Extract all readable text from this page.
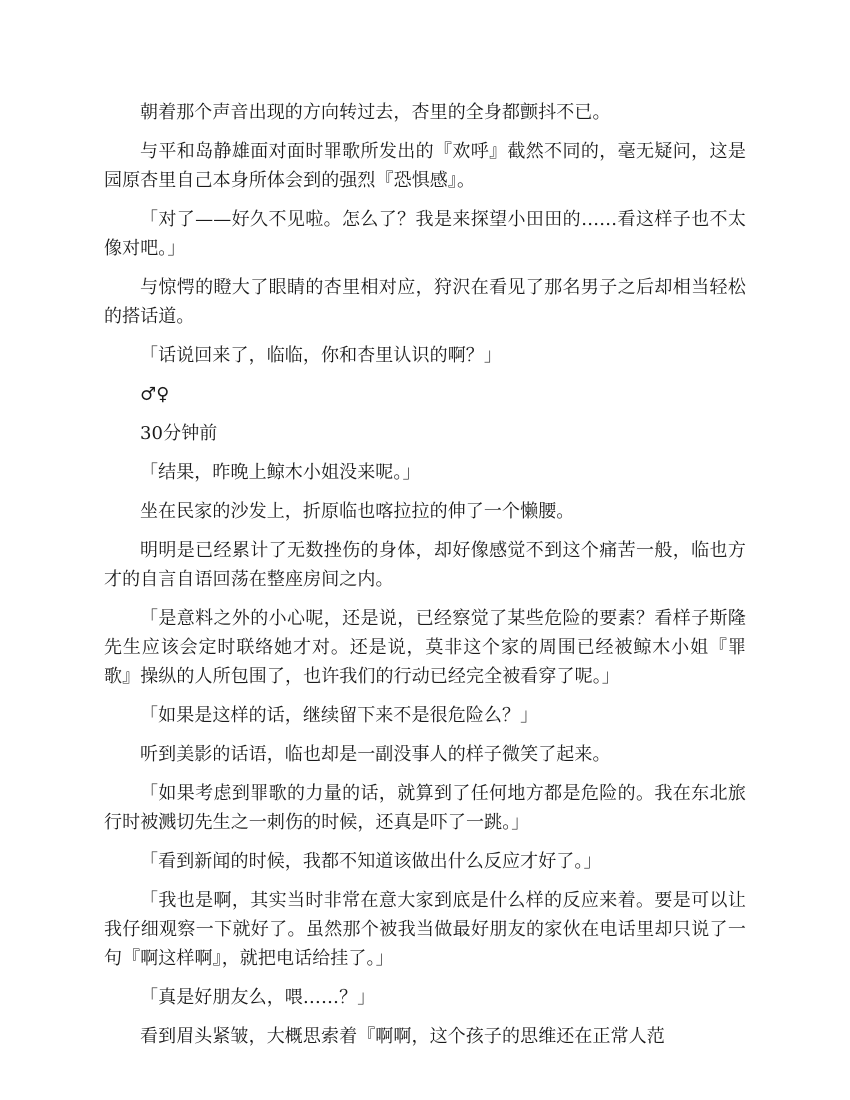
朝着那个声音出现的方向转过去，杏里的全身都颤抖不已。

与平和岛静雄面对面时罪歌所发出的『欢呼』截然不同的，毫无疑问，这是园原杏里自己本身所体会到的强烈『恐惧感』。

「对了——好久不见啦。怎么了？我是来探望小田田的……看这样子也不太像对吧。」

与惊愕的瞪大了眼睛的杏里相对应，狩沢在看见了那名男子之后却相当轻松的搭话道。

「话说回来了，临临，你和杏里认识的啊？」

♂♀

30分钟前

「结果，昨晚上鲸木小姐没来呢。」

坐在民家的沙发上，折原临也喀拉拉的伸了一个懒腰。

明明是已经累计了无数挫伤的身体，却好像感觉不到这个痛苦一般，临也方才的自言自语回荡在整座房间之内。

「是意料之外的小心呢，还是说，已经察觉了某些危险的要素？看样子斯隆先生应该会定时联络她才对。还是说，莫非这个家的周围已经被鲸木小姐『罪歌』操纵的人所包围了，也许我们的行动已经完全被看穿了呢。」

「如果是这样的话，继续留下来不是很危险么？」

听到美影的话语，临也却是一副没事人的样子微笑了起来。

「如果考虑到罪歌的力量的话，就算到了任何地方都是危险的。我在东北旅行时被溅切先生之一刺伤的时候，还真是吓了一跳。」

「看到新闻的时候，我都不知道该做出什么反应才好了。」

「我也是啊，其实当时非常在意大家到底是什么样的反应来着。要是可以让我仔细观察一下就好了。虽然那个被我当做最好朋友的家伙在电话里却只说了一句『啊这样啊』，就把电话给挂了。」

「真是好朋友么，喂……？」

看到眉头紧皱，大概思索着『啊啊，这个孩子的思维还在正常人范
